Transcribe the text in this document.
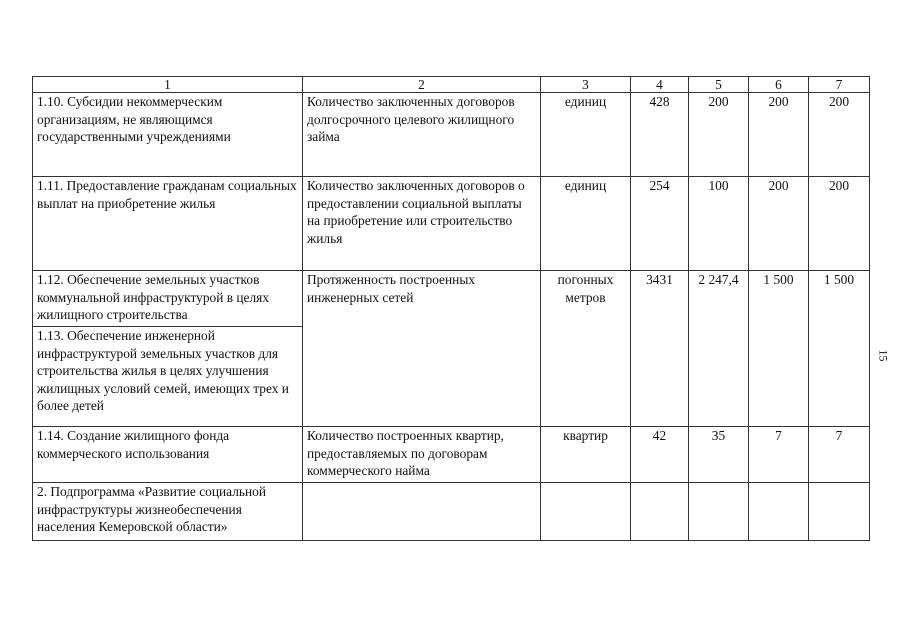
1	2	3	4	5	6	7
1.10. Субсидии некоммерческим организациям, не являющимся государственными учреждениями	Количество заключенных договоров долгосрочного целевого жилищного займа	единиц	428	200	200	200
1.11. Предоставление гражданам социальных выплат на приобретение жилья	Количество заключенных договоров о предоставлении социальной выплаты на приобретение или строительство жилья	единиц	254	100	200	200
1.12. Обеспечение земельных участков коммунальной инфраструктурой в целях жилищного строительства	Протяженность построенных инженерных сетей	погонных метров	3431	2 247,4	1 500	1 500
1.13. Обеспечение инженерной инфраструктурой земельных участков для строительства жилья в целях улучшения жилищных условий семей, имеющих трех и более детей						
1.14. Создание жилищного фонда коммерческого использования	Количество построенных квартир, предоставляемых по договорам коммерческого найма	квартир	42	35	7	7
2. Подпрограмма «Развитие социальной инфраструктуры жизнеобеспечения населения Кемеровской области»						
15
